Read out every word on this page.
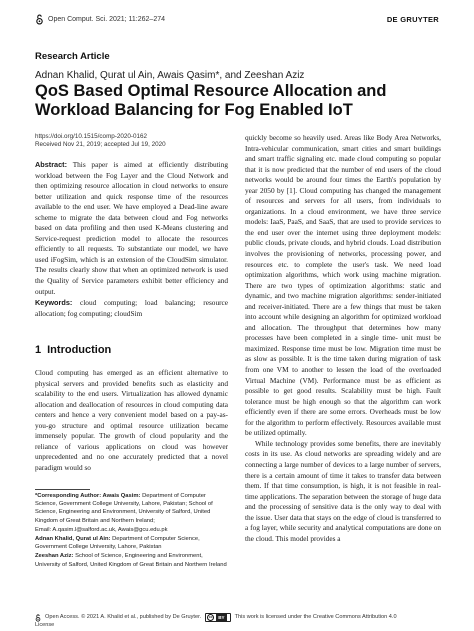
Open Comput. Sci. 2021; 11:262–274	DE GRUYTER
Research Article
Adnan Khalid, Qurat ul Ain, Awais Qasim*, and Zeeshan Aziz
QoS Based Optimal Resource Allocation and Workload Balancing for Fog Enabled IoT
https://doi.org/10.1515/comp-2020-0162
Received Nov 21, 2019; accepted Jul 19, 2020
Abstract: This paper is aimed at efficiently distributing workload between the Fog Layer and the Cloud Network and then optimizing resource allocation in cloud networks to ensure better utilization and quick response time of the resources available to the end user. We have employed a Dead-line aware scheme to migrate the data between cloud and Fog networks based on data profiling and then used K-Means clustering and Service-request prediction model to allocate the resources efficiently to all requests. To substantiate our model, we have used iFogSim, which is an extension of the CloudSim simulator. The results clearly show that when an optimized network is used the Quality of Service parameters exhibit better efficiency and output.
Keywords: cloud computing; load balancing; resource allocation; fog computing; cloudSim
1 Introduction
Cloud computing has emerged as an efficient alternative to physical servers and provided benefits such as elasticity and scalability to the end users. Virtualization has allowed dynamic allocation and deallocation of resources in cloud computing data centers and hence a very convenient model based on a pay-as-you-go structure and optimal resource utilization became immensely popular. The growth of cloud popularity and the reliance of various applications on cloud was however unprecedented and no one accurately predicted that a novel paradigm would so

*Corresponding Author: Awais Qasim: Department of Computer Science, Government College University, Lahore, Pakistan; School of Science, Engineering and Environment, University of Salford, United Kingdom of Great Britain and Northern Ireland;

Email: A.qasim.l@salford.ac.uk, Awais@gcu.edu.pk

Adnan Khalid, Qurat ul Ain: Department of Computer Science, Government College University, Lahore, Pakistan

Zeeshan Aziz: School of Science, Engineering and Environment, University of Salford, United Kingdom of Great Britain and Northern Ireland

quickly become so heavily used. Areas like Body Area Networks, Intra-vehicular communication, smart cities and smart buildings and smart traffic signaling etc. made cloud computing so popular that it is now predicted that the number of end users of the cloud networks would be around four times the Earth's population by year 2050 by [1]. Cloud computing has changed the management of resources and servers for all users, from individuals to organizations. In a cloud environment, we have three service models: IaaS, PaaS, and SaaS, that are used to provide services to the end user over the internet using three deployment models: public clouds, private clouds, and hybrid clouds. Load distribution involves the provisioning of networks, processing power, and resources etc. to complete the user's task. We need load optimization algorithms, which work using machine migration. There are two types of optimization algorithms: static and dynamic, and two machine migration algorithms: sender-initiated and receiver-initiated. There are a few things that must be taken into account while designing an algorithm for optimized workload and allocation. The throughput that determines how many processes have been completed in a single time- unit must be maximized. Response time must be low. Migration time must be as slow as possible. It is the time taken during migration of task from one VM to another to lessen the load of the overloaded Virtual Machine (VM). Performance must be as efficient as possible to get good results. Scalability must be high. Fault tolerance must be high enough so that the algorithm can work efficiently even if there are some errors. Overheads must be low for the algorithm to perform effectively. Resources available must be utilized optimally.

While technology provides some benefits, there are inevitably costs in its use. As cloud networks are spreading widely and are connecting a large number of devices to a large number of servers, there is a certain amount of time it takes to transfer data between them. If that time consumption, is high, it is not feasible in real-time applications. The separation between the storage of huge data and the processing of sensitive data is the only way to deal with the issue. User data that stays on the edge of cloud is transferred to a fog layer, while security and analytical computations are done on the cloud. This model provides a

Open Access. © 2021 A. Khalid et al., published by De Gruyter.	cc	BY	This work is licensed under the Creative Commons Attribution 4.0
License
